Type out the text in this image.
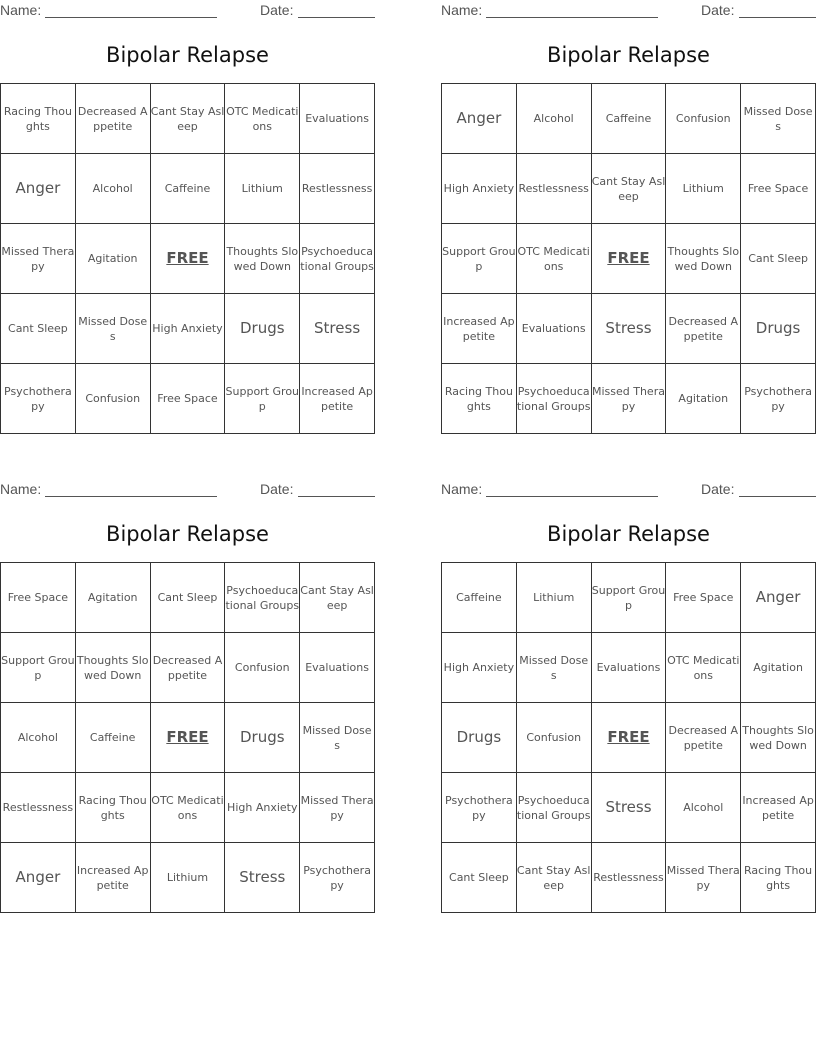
Name:	Date:
Bipolar Relapse
Racing Thoughts	Decreased Appetite	Cant Stay Asleep	OTC Medications	Evaluations
Anger	Alcohol	Caffeine	Lithium	Restlessness
Missed Therapy	Agitation	FREE	Thoughts Slowed Down	Psychoeducational Groups
Cant Sleep	Missed Doses	High Anxiety	Drugs	Stress
Psychotherapy	Confusion	Free Space	Support Group	Increased Appetite
Name:	Date:
Bipolar Relapse
Anger	Alcohol	Caffeine	Confusion	Missed Doses
High Anxiety	Restlessness	Cant Stay Asleep	Lithium	Free Space
Support Group	OTC Medications	FREE	Thoughts Slowed Down	Cant Sleep
Increased Appetite	Evaluations	Stress	Decreased Appetite	Drugs
Racing Thoughts	Psychoeducational Groups	Missed Therapy	Agitation	Psychotherapy
Name:	Date:
Bipolar Relapse
Free Space	Agitation	Cant Sleep	Psychoeducational Groups	Cant Stay Asleep
Support Group	Thoughts Slowed Down	Decreased Appetite	Confusion	Evaluations
Alcohol	Caffeine	FREE	Drugs	Missed Doses
Restlessness	Racing Thoughts	OTC Medications	High Anxiety	Missed Therapy
Anger	Increased Appetite	Lithium	Stress	Psychotherapy
Name:	Date:
Bipolar Relapse
Caffeine	Lithium	Support Group	Free Space	Anger
High Anxiety	Missed Doses	Evaluations	OTC Medications	Agitation
Drugs	Confusion	FREE	Decreased Appetite	Thoughts Slowed Down
Psychotherapy	Psychoeducational Groups	Stress	Alcohol	Increased Appetite
Cant Sleep	Cant Stay Asleep	Restlessness	Missed Therapy	Racing Thoughts
